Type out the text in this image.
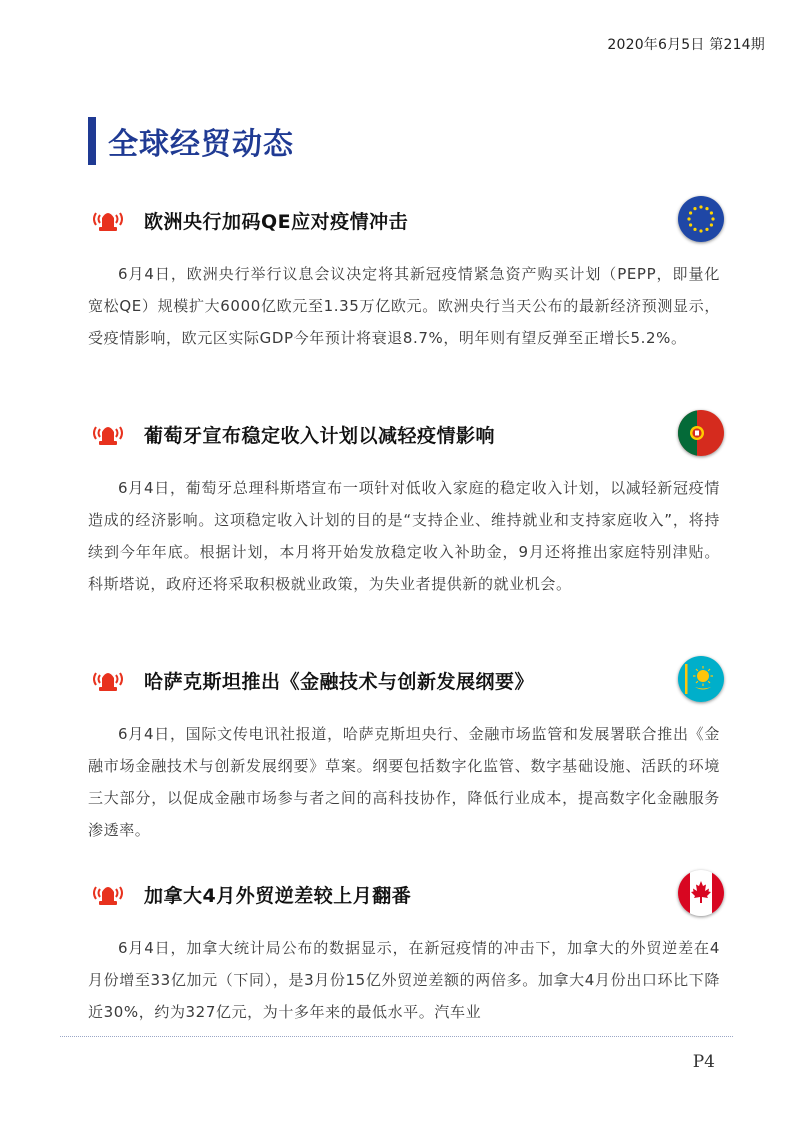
2020年6月5日 第214期
全球经贸动态
欧洲央行加码QE应对疫情冲击
6月4日，欧洲央行举行议息会议决定将其新冠疫情紧急资产购买计划（PEPP，即量化宽松QE）规模扩大6000亿欧元至1.35万亿欧元。欧洲央行当天公布的最新经济预测显示，受疫情影响，欧元区实际GDP今年预计将衰退8.7%，明年则有望反弹至正增长5.2%。
葡萄牙宣布稳定收入计划以减轻疫情影响
6月4日，葡萄牙总理科斯塔宣布一项针对低收入家庭的稳定收入计划，以减轻新冠疫情造成的经济影响。这项稳定收入计划的目的是“支持企业、维持就业和支持家庭收入”，将持续到今年年底。根据计划，本月将开始发放稳定收入补助金，9月还将推出家庭特别津贴。科斯塔说，政府还将采取积极就业政策，为失业者提供新的就业机会。
哈萨克斯坦推出《金融技术与创新发展纲要》
6月4日，国际文传电讯社报道，哈萨克斯坦央行、金融市场监管和发展署联合推出《金融市场金融技术与创新发展纲要》草案。纲要包括数字化监管、数字基础设施、活跃的环境三大部分，以促成金融市场参与者之间的高科技协作，降低行业成本，提高数字化金融服务渗透率。
加拿大4月外贸逆差较上月翻番
6月4日，加拿大统计局公布的数据显示，在新冠疫情的冲击下，加拿大的外贸逆差在4月份增至33亿加元（下同），是3月份15亿外贸逆差额的两倍多。加拿大4月份出口环比下降近30%，约为327亿元，为十多年来的最低水平。汽车业
P4
